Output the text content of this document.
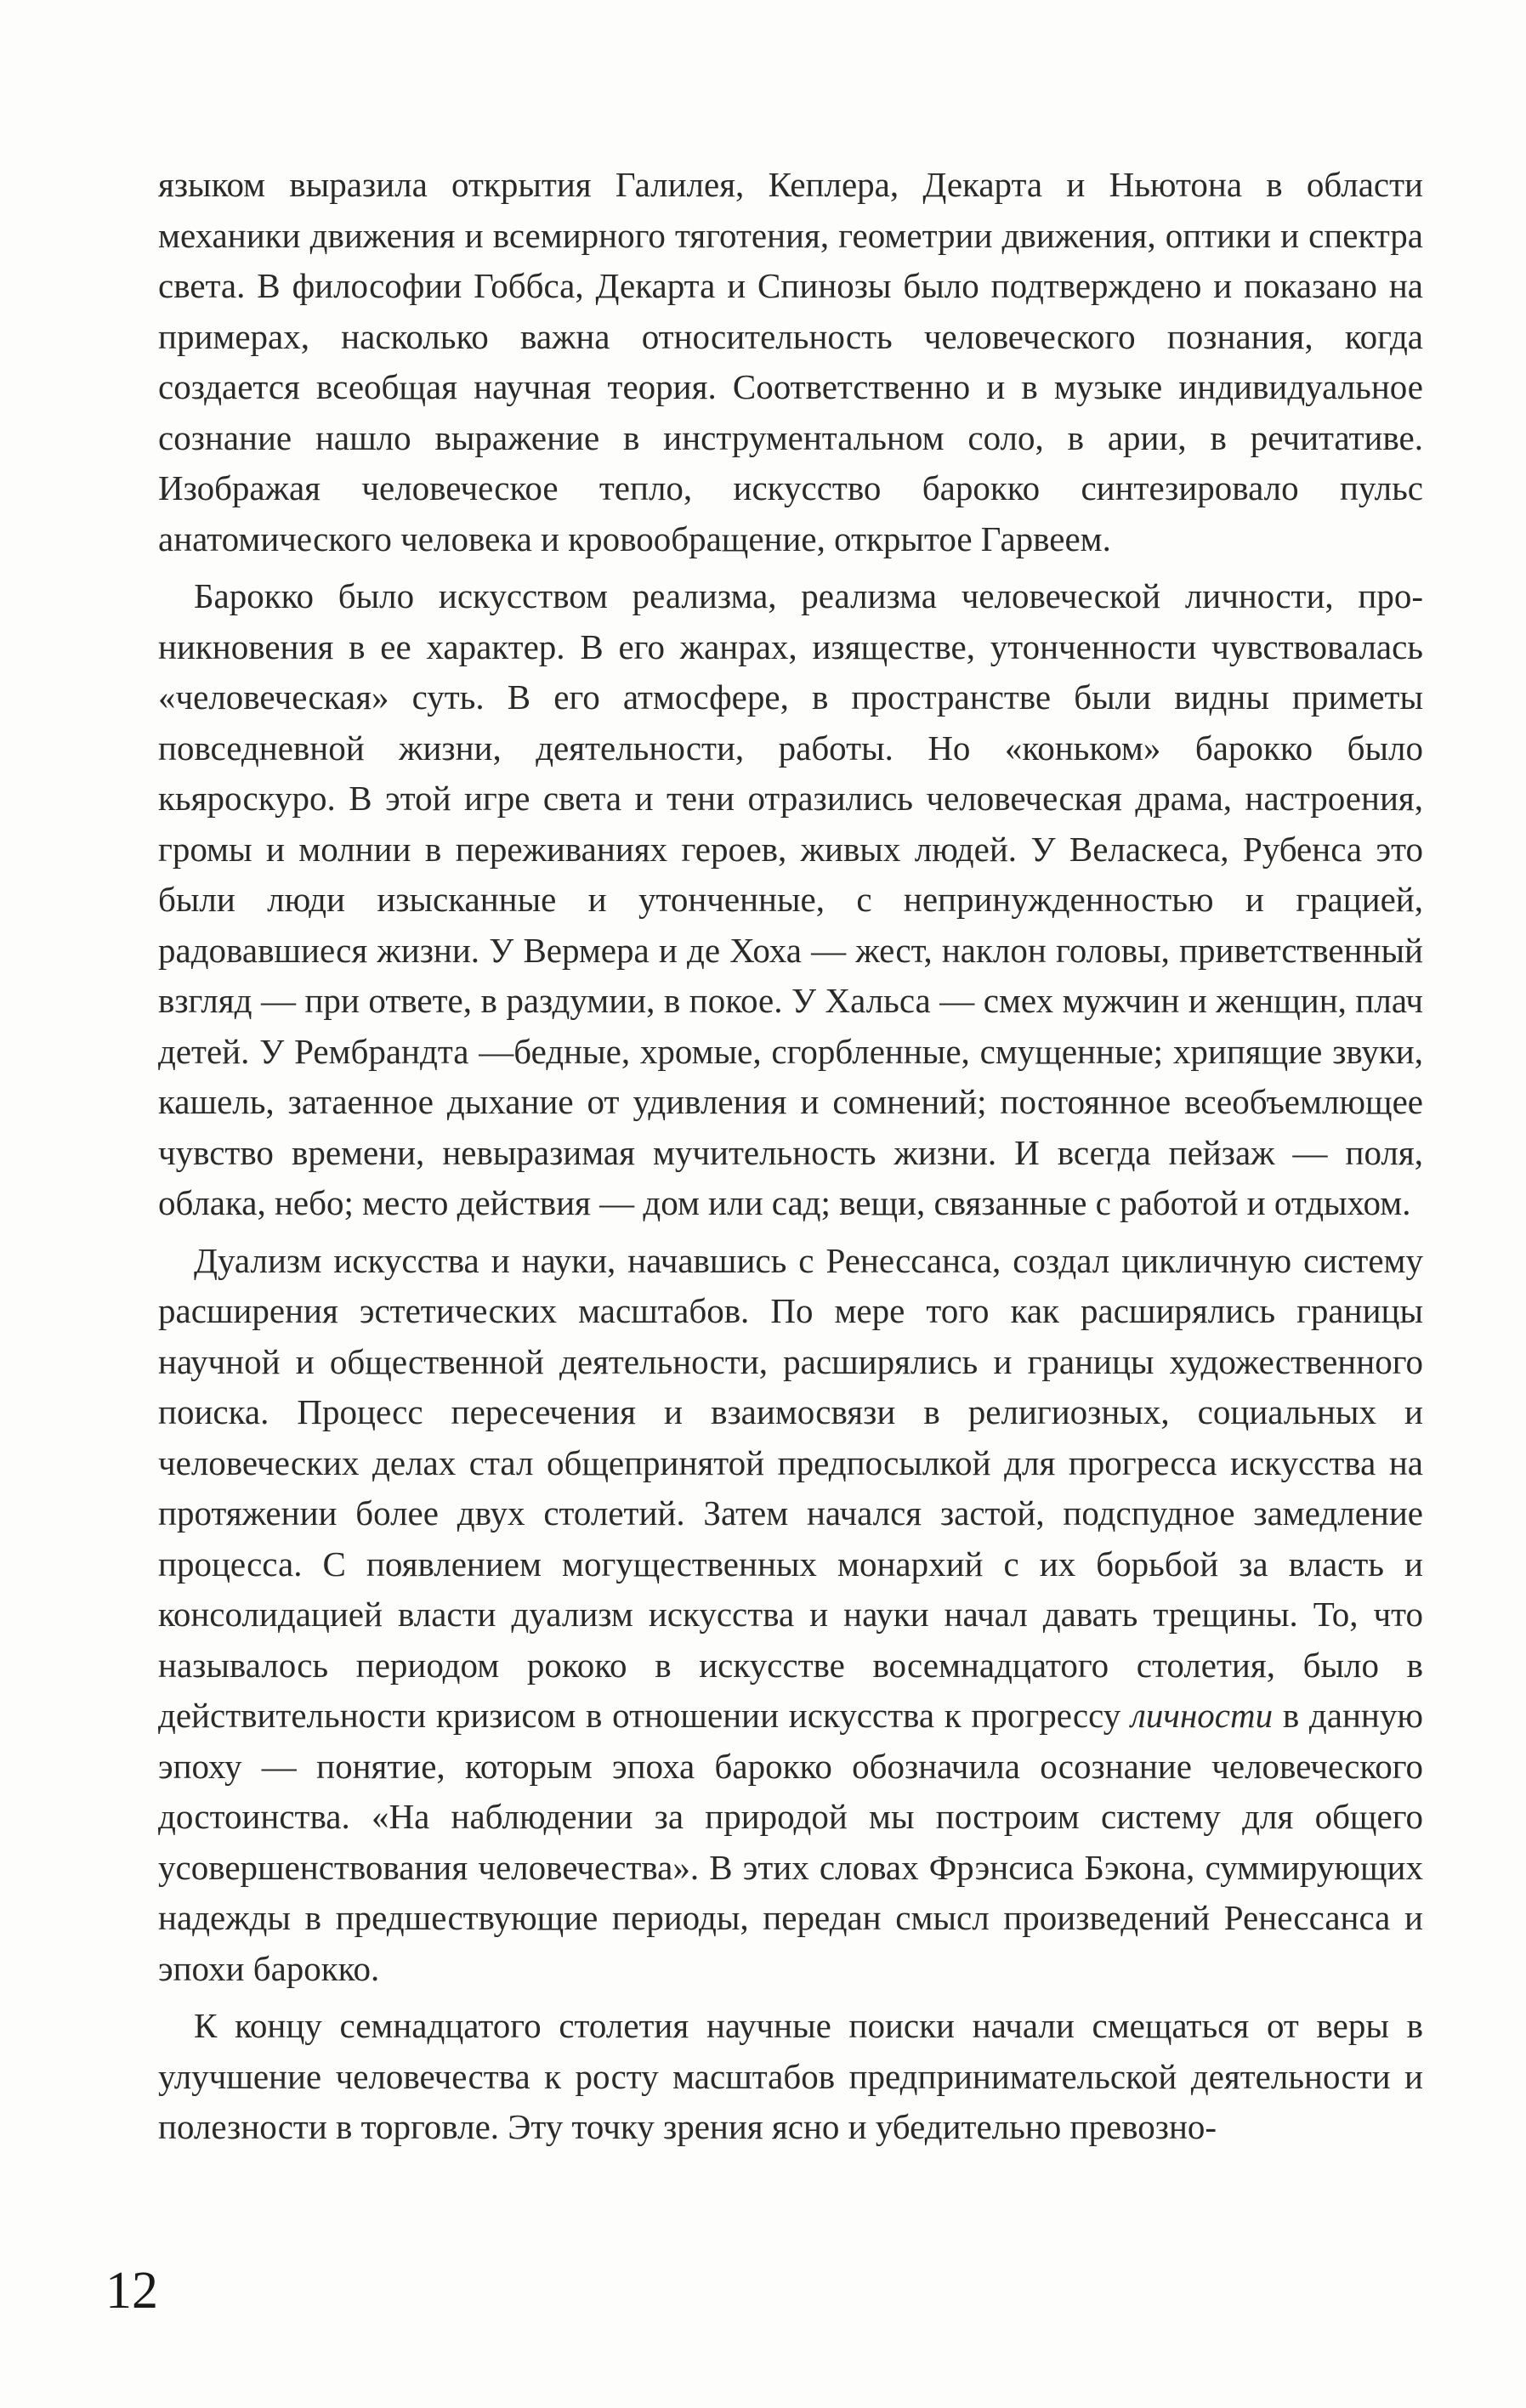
языком выразила открытия Галилея, Кеплера, Декарта и Ньютона в области механики движения и всемирного тяготения, геометрии движения, оптики и спектра света. В философии Гоббса, Декарта и Спинозы было подтверждено и показано на примерах, насколько важна относительность человеческого познания, когда создается всеобщая научная теория. Соответственно и в музыке индивидуальное сознание нашло выражение в инструментальном соло, в арии, в речитативе. Изображая человеческое тепло, искусство барокко синтезировало пульс анатомического человека и кровообращение, открытое Гарвеем.

Барокко было искусством реализма, реализма человеческой личности, проникновения в ее характер. В его жанрах, изяществе, утонченности чувствовалась «человеческая» суть. В его атмосфере, в пространстве были видны приметы повседневной жизни, деятельности, работы. Но «коньком» барокко было кьяроскуро. В этой игре света и тени отразились человеческая драма, настроения, громы и молнии в переживаниях героев, живых людей. У Веласкеса, Рубенса это были люди изысканные и утонченные, с непринужденностью и грацией, радовавшиеся жизни. У Вермера и де Хоха — жест, наклон головы, приветственный взгляд — при ответе, в раздумии, в покое. У Хальса — смех мужчин и женщин, плач детей. У Рембрандта —бедные, хромые, сгорбленные, смущенные; хрипящие звуки, кашель, затаенное дыхание от удивления и сомнений; постоянное всеобъемлющее чувство времени, невыразимая мучительность жизни. И всегда пейзаж — поля, облака, небо; место действия — дом или сад; вещи, связанные с работой и отдыхом.

Дуализм искусства и науки, начавшись с Ренессанса, создал цикличную систему расширения эстетических масштабов. По мере того как расширялись границы научной и общественной деятельности, расширялись и границы художественного поиска. Процесс пересечения и взаимосвязи в религиозных, социальных и человеческих делах стал общепринятой предпосылкой для прогресса искусства на протяжении более двух столетий. Затем начался застой, подспудное замедление процесса. С появлением могущественных монархий с их борьбой за власть и консолидацией власти дуализм искусства и науки начал давать трещины. То, что называлось периодом рококо в искусстве восемнадцатого столетия, было в действительности кризисом в отношении искусства к прогрессу личности в данную эпоху — понятие, которым эпоха барокко обозначила осознание человеческого достоинства. «На наблюдении за природой мы построим систему для общего усовершенствования человечества». В этих словах Фрэнсиса Бэкона, суммирующих надежды в предшествующие периоды, передан смысл произведений Ренессанса и эпохи барокко.

К концу семнадцатого столетия научные поиски начали смещаться от веры в улучшение человечества к росту масштабов предпринимательской деятельности и полезности в торговле. Эту точку зрения ясно и убедительно превозно-

12
